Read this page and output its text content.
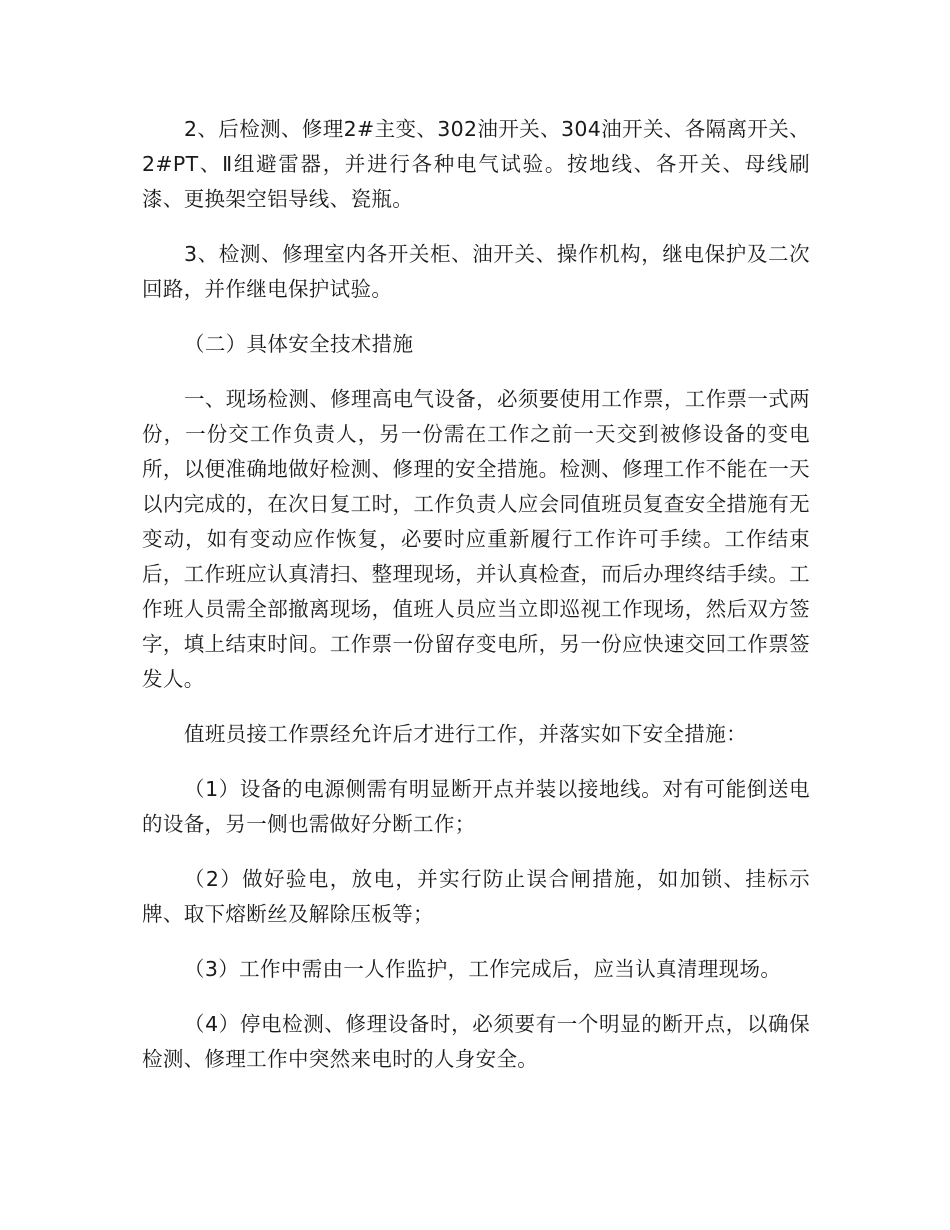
2、后检测、修理2#主变、302油开关、304油开关、各隔离开关、2#PT、Ⅱ组避雷器，并进行各种电气试验。按地线、各开关、母线刷漆、更换架空铝导线、瓷瓶。

3、检测、修理室内各开关柜、油开关、操作机构，继电保护及二次回路，并作继电保护试验。

（二）具体安全技术措施

一、现场检测、修理高电气设备，必须要使用工作票，工作票一式两份，一份交工作负责人，另一份需在工作之前一天交到被修设备的变电所，以便准确地做好检测、修理的安全措施。检测、修理工作不能在一天以内完成的，在次日复工时，工作负责人应会同值班员复查安全措施有无变动，如有变动应作恢复，必要时应重新履行工作许可手续。工作结束后，工作班应认真清扫、整理现场，并认真检查，而后办理终结手续。工作班人员需全部撤离现场，值班人员应当立即巡视工作现场，然后双方签字，填上结束时间。工作票一份留存变电所，另一份应快速交回工作票签发人。

值班员接工作票经允许后才进行工作，并落实如下安全措施：

（1）设备的电源侧需有明显断开点并装以接地线。对有可能倒送电的设备，另一侧也需做好分断工作；

（2）做好验电，放电，并实行防止误合闸措施，如加锁、挂标示牌、取下熔断丝及解除压板等；

（3）工作中需由一人作监护，工作完成后，应当认真清理现场。

（4）停电检测、修理设备时，必须要有一个明显的断开点，以确保检测、修理工作中突然来电时的人身安全。
